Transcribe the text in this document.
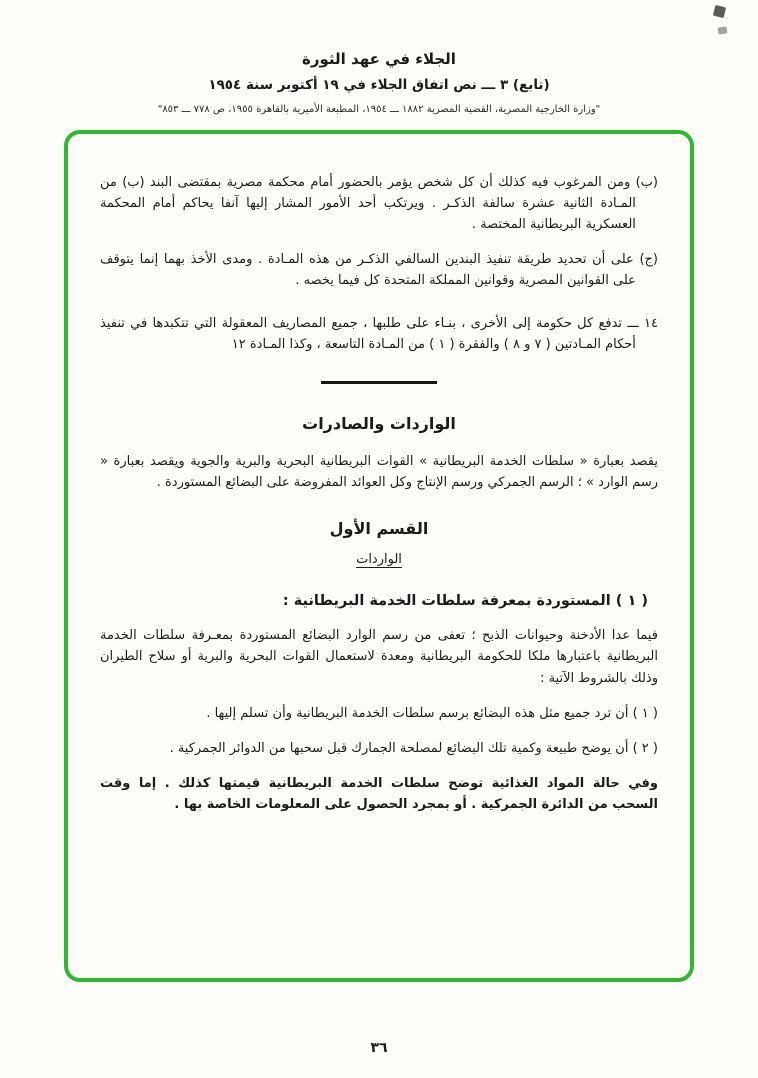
الجلاء في عهد الثورة
(تابع) ٣ ـــ نص اتفاق الجلاء في ١٩ أكتوبر سنة ١٩٥٤
"وزارة الخارجية المصرية، القضية المصرية ١٨٨٢ ـــ ١٩٥٤، المطبعة الأميرية بالقاهرة ١٩٥٥، ص ٧٧٨ ـــ ٨٥٣"

(ب) ومن المرغوب فيه كذلك أن كل شخص يؤمر بالحضور أمام محكمة مصرية بمقتضى البند (ب) من المـادة الثانية عشرة سالفة الذكـر . ويرتكب أحد الأمور المشار إليها آنفا يحاكم أمام المحكمة العسكرية البريطانية المختصة .

(ج) على أن تحديد طريقة تنفيذ البندين السالفي الذكـر من هذه المـادة . ومدى الأخذ بهما إنما يتوقف على القوانين المصرية وقوانين المملكة المتحدة كل فيما يخصه .

١٤ ـــ تدفع كل حكومة إلى الأخرى ، بنـاء على طلبها ، جميع المصاريف المعقولة التي تتكبدها في تنفيذ أحكام المـادتين ( ٧ و ٨ ) والفقرة ( ١ ) من المـادة التاسعة ، وكذا المـادة ١٢

الواردات والصادرات

يقصد بعبارة « سلطات الخدمة البريطانية » القوات البريطانية البحرية والبرية والجوية ويقصد بعبارة « رسم الوارد » ؛ الرسم الجمركي ورسم الإنتاج وكل العوائد المفروضة على البضائع المستوردة .

القسم الأول
الواردات
( ١ ) المستوردة بمعرفة سلطات الخدمة البريطانية :

فيما عدا الأدخنة وحيوانات الذبح ؛ تعفى من رسم الوارد البضائع المستوردة بمعـرفة سلطات الخدمة البريطانية باعتبارها ملكا للحكومة البريطانية ومعدة لاستعمال القوات البحرية والبرية أو سلاح الطيران وذلك بالشروط الآتية :

( ١ ) أن ترد جميع مثل هذه البضائع برسم سلطات الخدمة البريطانية وأن تسلم إليها .

( ٢ ) أن يوضح طبيعة وكمية تلك البضائع لمصلحة الجمارك قبل سحبها من الدوائر الجمركية .

وفي حالة المواد الغذائية توضح سلطات الخدمة البريطانية قيمتها كذلك . إما وقت السحب من الدائرة الجمركية . أو بمجرد الحصول على المعلومات الخاصة بها .

٣٦
